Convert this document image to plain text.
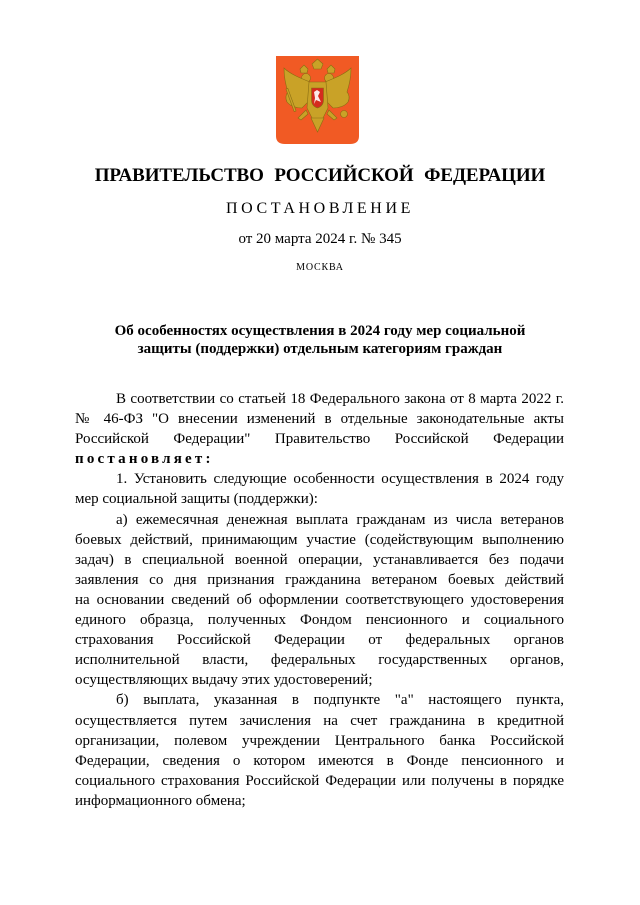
ПРАВИТЕЛЬСТВО РОССИЙСКОЙ ФЕДЕРАЦИИ
ПОСТАНОВЛЕНИЕ
от 20 марта 2024 г. № 345
МОСКВА
Об особенностях осуществления в 2024 году мер социальной
защиты (поддержки) отдельным категориям граждан
В соответствии со статьей 18 Федерального закона от 8 марта 2022 г.
№ 46-ФЗ "О внесении изменений в отдельные законодательные акты
Российской Федерации" Правительство Российской Федерации
постановляет:
1. Установить следующие особенности осуществления в 2024 году
мер социальной защиты (поддержки):
а) ежемесячная денежная выплата гражданам из числа ветеранов
боевых действий, принимающим участие (содействующим выполнению
задач) в специальной военной операции, устанавливается без подачи
заявления со дня признания гражданина ветераном боевых действий
на основании сведений об оформлении соответствующего удостоверения
единого образца, полученных Фондом пенсионного и социального
страхования Российской Федерации от федеральных органов
исполнительной власти, федеральных государственных органов,
осуществляющих выдачу этих удостоверений;
б) выплата, указанная в подпункте "а" настоящего пункта,
осуществляется путем зачисления на счет гражданина в кредитной
организации, полевом учреждении Центрального банка Российской
Федерации, сведения о котором имеются в Фонде пенсионного и
социального страхования Российской Федерации или получены в порядке
информационного обмена;
